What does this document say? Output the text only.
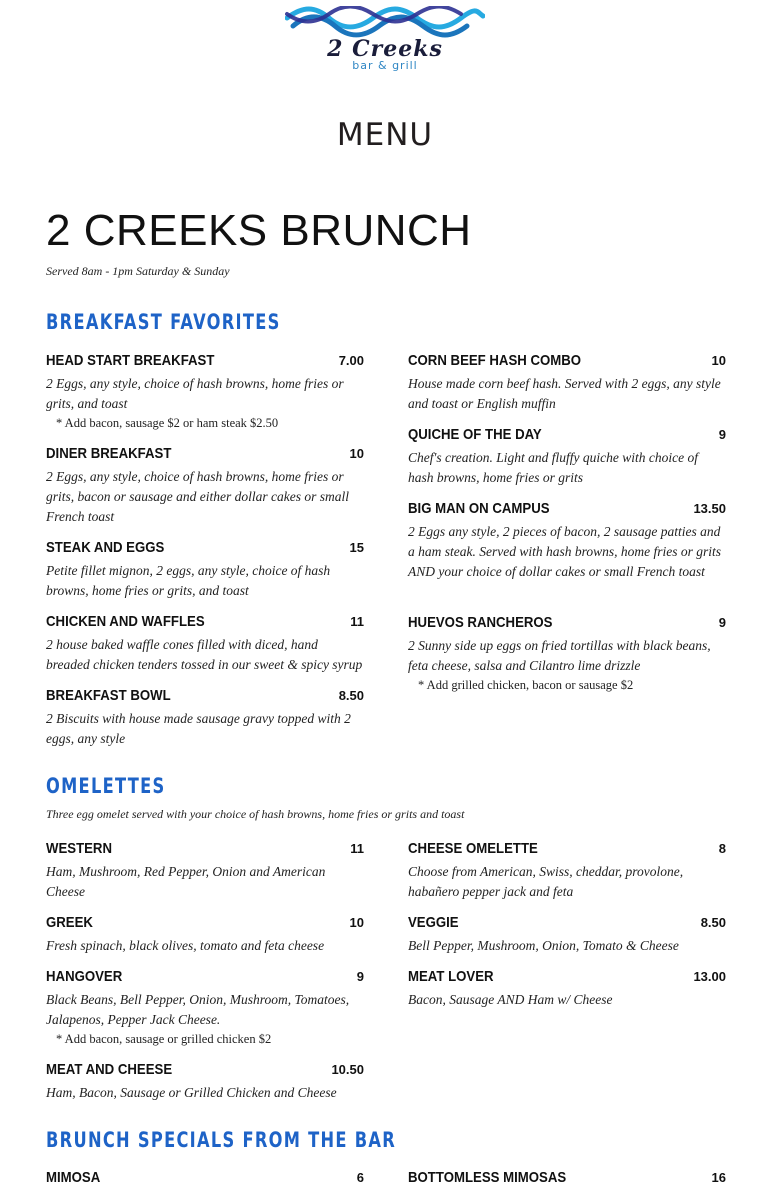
2 Creeks
bar & grill
MENU
2 CREEKS BRUNCH
Served 8am - 1pm Saturday & Sunday
BREAKFAST FAVORITES
HEAD START BREAKFAST	7.00
2 Eggs, any style, choice of hash browns, home fries or grits, and toast
* Add bacon, sausage $2 or ham steak $2.50
DINER BREAKFAST	10
2 Eggs, any style, choice of hash browns, home fries or grits, bacon or sausage and either dollar cakes or small French toast
STEAK AND EGGS	15
Petite fillet mignon, 2 eggs, any style, choice of hash browns, home fries or grits, and toast
CHICKEN AND WAFFLES	11
2 house baked waffle cones filled with diced, hand breaded chicken tenders tossed in our sweet & spicy syrup
BREAKFAST BOWL	8.50
2 Biscuits with house made sausage gravy topped with 2 eggs, any style
CORN BEEF HASH COMBO	10
House made corn beef hash. Served with 2 eggs, any style and toast or English muffin
QUICHE OF THE DAY	9
Chef's creation. Light and fluffy quiche with choice of hash browns, home fries or grits
BIG MAN ON CAMPUS	13.50
2 Eggs any style, 2 pieces of bacon, 2 sausage patties and a ham steak. Served with hash browns, home fries or grits AND your choice of dollar cakes or small French toast
HUEVOS RANCHEROS	9
2 Sunny side up eggs on fried tortillas with black beans, feta cheese, salsa and Cilantro lime drizzle
* Add grilled chicken, bacon or sausage $2
OMELETTES
Three egg omelet served with your choice of hash browns, home fries or grits and toast
WESTERN	11
Ham, Mushroom, Red Pepper, Onion and American Cheese
GREEK	10
Fresh spinach, black olives, tomato and feta cheese
HANGOVER	9
Black Beans, Bell Pepper, Onion, Mushroom, Tomatoes, Jalapenos, Pepper Jack Cheese.
* Add bacon, sausage or grilled chicken $2
MEAT AND CHEESE	10.50
Ham, Bacon, Sausage or Grilled Chicken and Cheese
CHEESE OMELETTE	8
Choose from American, Swiss, cheddar, provolone, habañero pepper jack and feta
VEGGIE	8.50
Bell Pepper, Mushroom, Onion, Tomato & Cheese
MEAT LOVER	13.00
Bacon, Sausage AND Ham w/ Cheese
BRUNCH SPECIALS FROM THE BAR
MIMOSA	6	BOTTOMLESS MIMOSAS	16
